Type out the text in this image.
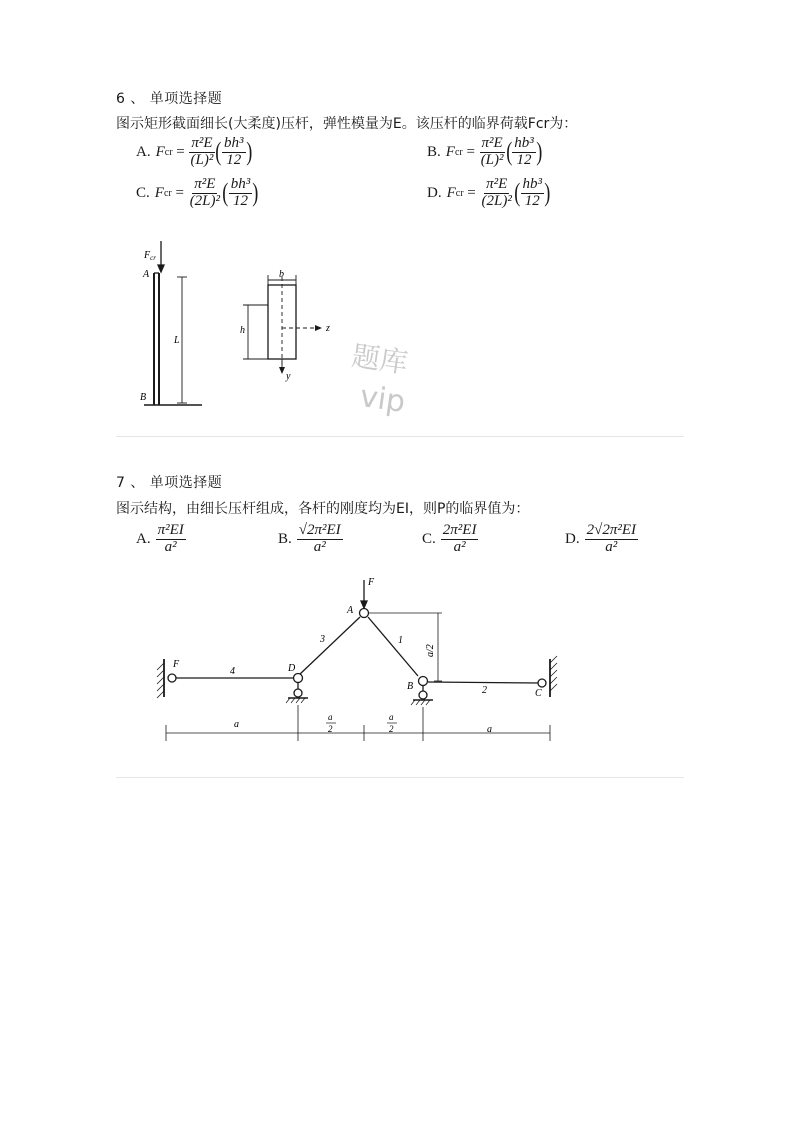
6 、 单项选择题
图示矩形截面细长(大柔度)压杆，弹性模量为E。该压杆的临界荷载Fcr为：
A. F cr = $\frac{\text{π²E}}{\text{(L)²}}$ ( $\frac{\text{bh³}}{12}$ )	B. F cr = $\frac{\text{π²E}}{\text{(L)²}}$ ( $\frac{\text{hb³}}{12}$ )
C. F cr = $\frac{\text{π²E}}{\text{(2L)²}}$ ( $\frac{\text{bh³}}{12}$ )	D. F cr = $\frac{\text{π²E}}{\text{(2L)²}}$ ( $\frac{\text{hb³}}{12}$ )
$F_{cr}$
A
L
B
b
h	z
y 题库
vip
7 、 单项选择题
图示结构，由细长压杆组成，各杆的刚度均为EI，则P的临界值为：
A. $\frac{\text{π²EI}}{\text{a²}}$	B. $\frac{\text{√2π²EI}}{\text{a²}}$	C. $\frac{\text{2π²EI}}{\text{a²}}$	D. $\frac{\text{2√2π²EI}}{\text{a²}}$
F
A
B
C
D
F
1
2
3
4
a/2
a
a
2
a
2	a
